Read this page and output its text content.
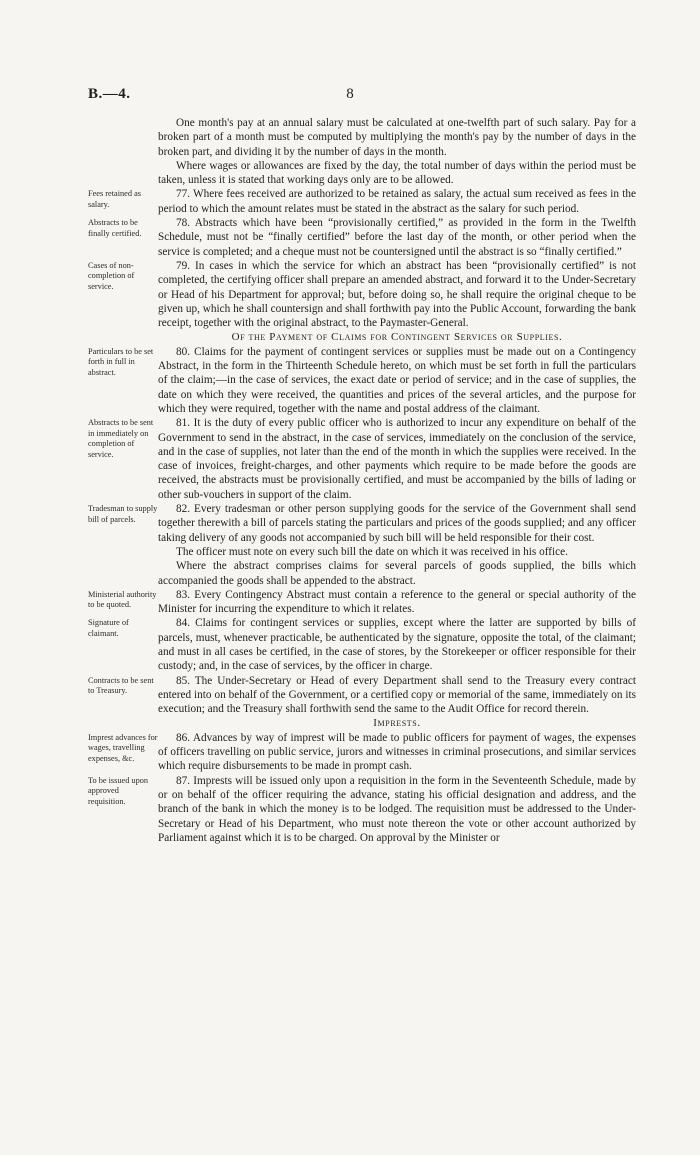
8
B.—4.

One month's pay at an annual salary must be calculated at one-twelfth part of such salary. Pay for a broken part of a month must be computed by multiplying the month's pay by the number of days in the broken part, and dividing it by the number of days in the month.

Where wages or allowances are fixed by the day, the total number of days within the period must be taken, unless it is stated that working days only are to be allowed.

Fees retained as salary.

77. Where fees received are authorized to be retained as salary, the actual sum received as fees in the period to which the amount relates must be stated in the abstract as the salary for such period.

Abstracts to be finally certified.

78. Abstracts which have been “provisionally certified,” as provided in the form in the Twelfth Schedule, must not be “finally certified” before the last day of the month, or other period when the service is completed; and a cheque must not be countersigned until the abstract is so “finally certified.”

Cases of non-completion of service.

79. In cases in which the service for which an abstract has been “provisionally certified” is not completed, the certifying officer shall prepare an amended abstract, and forward it to the Under-Secretary or Head of his Department for approval; but, before doing so, he shall require the original cheque to be given up, which he shall countersign and shall forthwith pay into the Public Account, forwarding the bank receipt, together with the original abstract, to the Paymaster-General.

Of the Payment of Claims for Contingent Services or Supplies.

Particulars to be set forth in full in abstract.

80. Claims for the payment of contingent services or supplies must be made out on a Contingency Abstract, in the form in the Thirteenth Schedule hereto, on which must be set forth in full the particulars of the claim;—in the case of services, the exact date or period of service; and in the case of supplies, the date on which they were received, the quantities and prices of the several articles, and the purpose for which they were required, together with the name and postal address of the claimant.

Abstracts to be sent in immediately on completion of service.

81. It is the duty of every public officer who is authorized to incur any expenditure on behalf of the Government to send in the abstract, in the case of services, immediately on the conclusion of the service, and in the case of supplies, not later than the end of the month in which the supplies were received. In the case of invoices, freight-charges, and other payments which require to be made before the goods are received, the abstracts must be provisionally certified, and must be accompanied by the bills of lading or other sub-vouchers in support of the claim.

Tradesman to supply bill of parcels.

82. Every tradesman or other person supplying goods for the service of the Government shall send together therewith a bill of parcels stating the particulars and prices of the goods supplied; and any officer taking delivery of any goods not accompanied by such bill will be held responsible for their cost.

The officer must note on every such bill the date on which it was received in his office.

Where the abstract comprises claims for several parcels of goods supplied, the bills which accompanied the goods shall be appended to the abstract.

Ministerial authority to be quoted.

83. Every Contingency Abstract must contain a reference to the general or special authority of the Minister for incurring the expenditure to which it relates.

Signature of claimant.

84. Claims for contingent services or supplies, except where the latter are supported by bills of parcels, must, whenever practicable, be authenticated by the signature, opposite the total, of the claimant; and must in all cases be certified, in the case of stores, by the Storekeeper or officer responsible for their custody; and, in the case of services, by the officer in charge.

Contracts to be sent to Treasury.

85. The Under-Secretary or Head of every Department shall send to the Treasury every contract entered into on behalf of the Government, or a certified copy or memorial of the same, immediately on its execution; and the Treasury shall forthwith send the same to the Audit Office for record therein.

Imprests.

Imprest advances for wages, travelling expenses, &c.

86. Advances by way of imprest will be made to public officers for payment of wages, the expenses of officers travelling on public service, jurors and witnesses in criminal prosecutions, and similar services which require disbursements to be made in prompt cash.

To be issued upon approved requisition.

87. Imprests will be issued only upon a requisition in the form in the Seventeenth Schedule, made by or on behalf of the officer requiring the advance, stating his official designation and address, and the branch of the bank in which the money is to be lodged. The requisition must be addressed to the Under-Secretary or Head of his Department, who must note thereon the vote or other account authorized by Parliament against which it is to be charged. On approval by the Minister or
